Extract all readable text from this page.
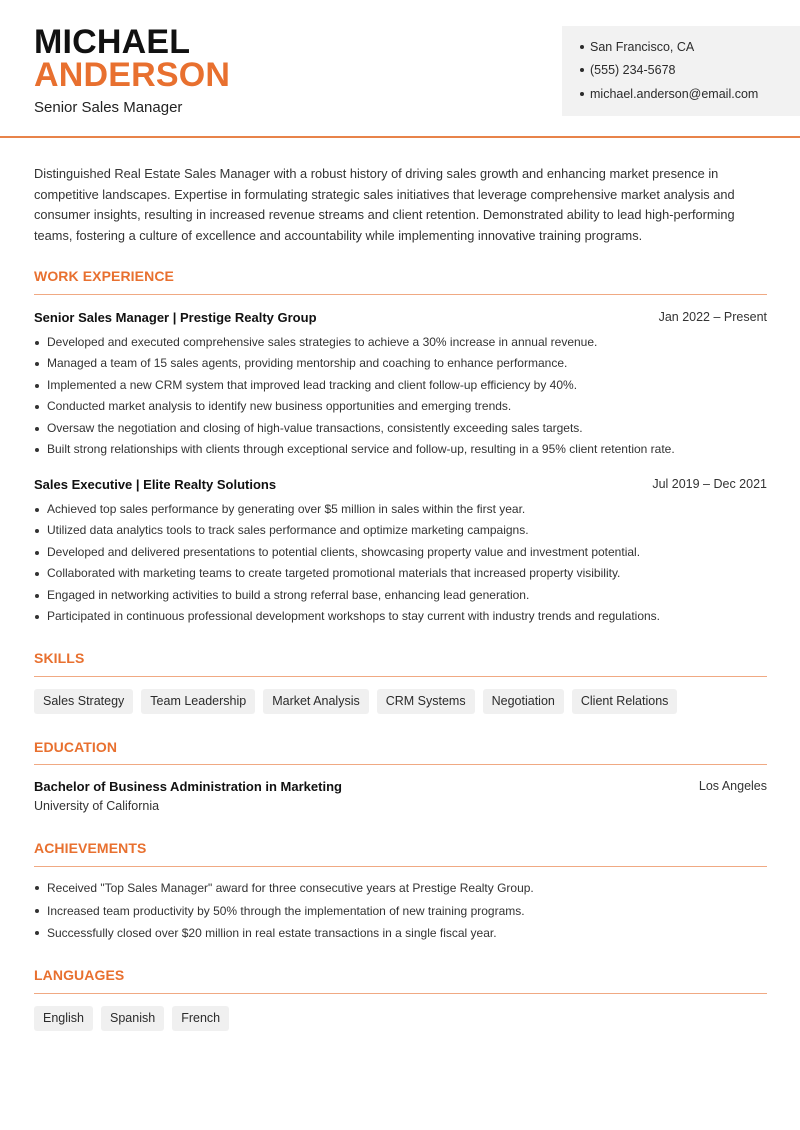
MICHAEL
ANDERSON
Senior Sales Manager
San Francisco, CA
(555) 234-5678
michael.anderson@email.com

Distinguished Real Estate Sales Manager with a robust history of driving sales growth and enhancing market presence in competitive landscapes. Expertise in formulating strategic sales initiatives that leverage comprehensive market analysis and consumer insights, resulting in increased revenue streams and client retention. Demonstrated ability to lead high-performing teams, fostering a culture of excellence and accountability while implementing innovative training programs.

WORK EXPERIENCE
Senior Sales Manager | Prestige Realty Group	Jan 2022 – Present
Developed and executed comprehensive sales strategies to achieve a 30% increase in annual revenue.
Managed a team of 15 sales agents, providing mentorship and coaching to enhance performance.
Implemented a new CRM system that improved lead tracking and client follow-up efficiency by 40%.
Conducted market analysis to identify new business opportunities and emerging trends.
Oversaw the negotiation and closing of high-value transactions, consistently exceeding sales targets.
Built strong relationships with clients through exceptional service and follow-up, resulting in a 95% client retention rate.
Sales Executive | Elite Realty Solutions	Jul 2019 – Dec 2021
Achieved top sales performance by generating over $5 million in sales within the first year.
Utilized data analytics tools to track sales performance and optimize marketing campaigns.
Developed and delivered presentations to potential clients, showcasing property value and investment potential.
Collaborated with marketing teams to create targeted promotional materials that increased property visibility.
Engaged in networking activities to build a strong referral base, enhancing lead generation.
Participated in continuous professional development workshops to stay current with industry trends and regulations.
SKILLS
Sales Strategy	Team Leadership	Market Analysis	CRM Systems	Negotiation	Client Relations
EDUCATION
Bachelor of Business Administration in Marketing	Los Angeles
University of California
ACHIEVEMENTS
Received "Top Sales Manager" award for three consecutive years at Prestige Realty Group.
Increased team productivity by 50% through the implementation of new training programs.
Successfully closed over $20 million in real estate transactions in a single fiscal year.
LANGUAGES
English	Spanish	French
